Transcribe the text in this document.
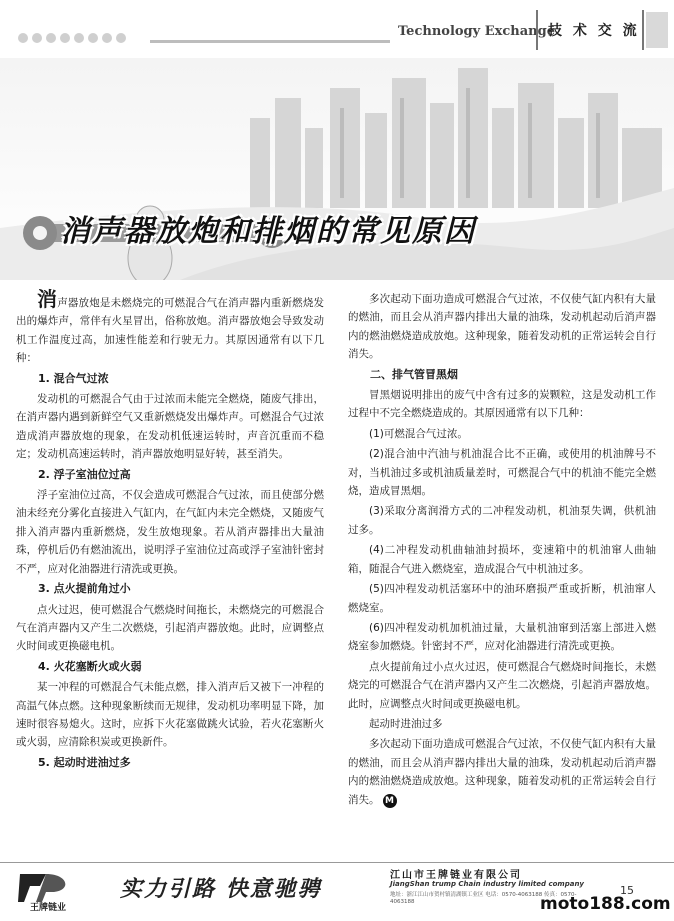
Technology Exchange
技 术 交 流
消声器放炮和排烟的常见原因

消声器放炮是未燃烧完的可燃混合气在消声器内重新燃烧发出的爆炸声，常伴有火星冒出，俗称放炮。消声器放炮会导致发动机工作温度过高，加速性能差和行驶无力。其原因通常有以下几种：

1. 混合气过浓

发动机的可燃混合气由于过浓而未能完全燃烧，随废气排出，在消声器内遇到新鲜空气又重新燃烧发出爆炸声。可燃混合气过浓造成消声器放炮的现象，在发动机低速运转时，声音沉重而不稳定；发动机高速运转时，消声器放炮明显好转，甚至消失。

2. 浮子室油位过高

浮子室油位过高，不仅会造成可燃混合气过浓，而且使部分燃油未经充分雾化直接进入气缸内，在气缸内未完全燃烧，又随废气排入消声器内重新燃烧，发生放炮现象。若从消声器排出大量油珠，停机后仍有燃油流出，说明浮子室油位过高或浮子室油针密封不严，应对化油器进行清洗或更换。

3. 点火提前角过小

点火过迟，使可燃混合气燃烧时间拖长，未燃烧完的可燃混合气在消声器内又产生二次燃烧，引起消声器放炮。此时，应调整点火时间或更换磁电机。

4. 火花塞断火或火弱

某一冲程的可燃混合气未能点燃，排入消声后又被下一冲程的高温气体点燃。这种现象断续而无规律，发动机功率明显下降，加速时很容易熄火。这时，应拆下火花塞做跳火试验，若火花塞断火或火弱，应清除积炭或更换新件。

5. 起动时进油过多

多次起动下面功造成可燃混合气过浓，不仅使气缸内积有大量的燃油，而且会从消声器内排出大量的油珠，发动机起动后消声器内的燃油燃烧造成放炮。这种现象，随着发动机的正常运转会自行消失。

二、排气管冒黑烟

冒黑烟说明排出的废气中含有过多的炭颗粒，这是发动机工作过程中不完全燃烧造成的。其原因通常有以下几种：

(1)可燃混合气过浓。

(2)混合油中汽油与机油混合比不正确，或使用的机油牌号不对，当机油过多或机油质量差时，可燃混合气中的机油不能完全燃烧，造成冒黑烟。

(3)采取分离润滑方式的二冲程发动机，机油泵失调，供机油过多。

(4)二冲程发动机曲轴油封损坏，变速箱中的机油窜人曲轴箱，随混合气进入燃烧室，造成混合气中机油过多。

(5)四冲程发动机活塞环中的油环磨损严重或折断，机油窜人燃烧室。

(6)四冲程发动机加机油过量，大量机油窜到活塞上部进入燃烧室参加燃烧。针密封不严，应对化油器进行清洗或更换。

点火提前角过小点火过迟，使可燃混合气燃烧时间拖长，未燃烧完的可燃混合气在消声器内又产生二次燃烧，引起消声器放炮。此时，应调整点火时间或更换磁电机。

起动时进油过多

多次起动下面功造成可燃混合气过浓，不仅使气缸内积有大量的燃油，而且会从消声器内排出大量的油珠，发动机起动后消声器内的燃油燃烧造成放炮。这种现象，随着发动机的正常运转会自行消失。 M

王牌链业
实力引路 快意驰骋
江山市王牌链业有限公司
JiangShan trump Chain industry limited company
地址：浙江江山市贺村镇清湖镇工业区 电话：0570-4063188 传真：0570-4063188
15
moto188.com
